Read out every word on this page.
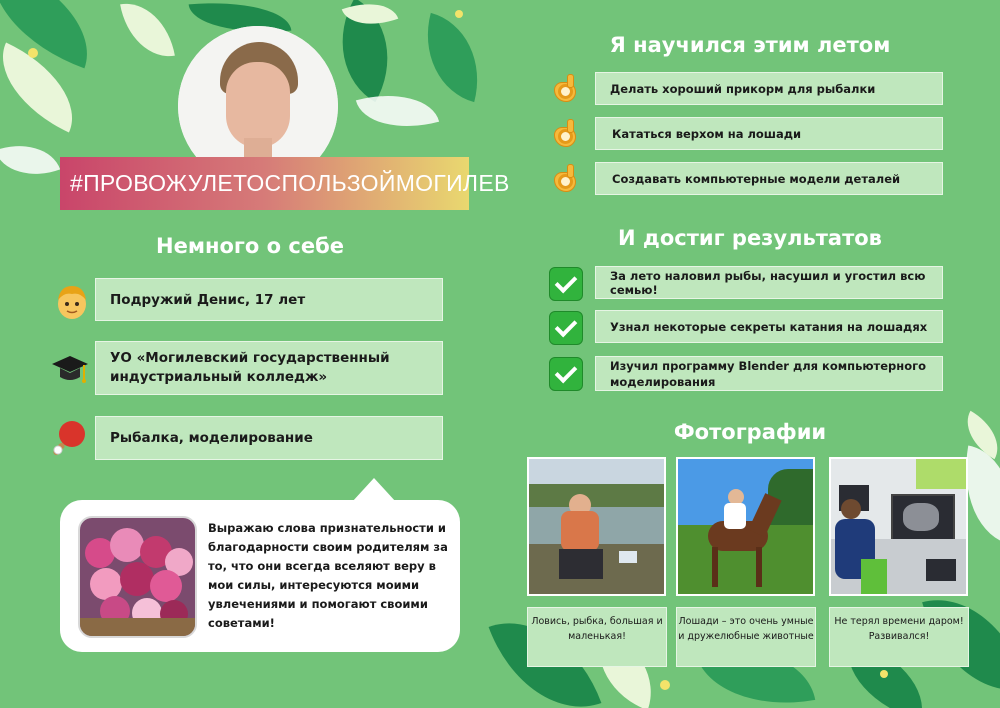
#ПРОВОЖУЛЕТОСПОЛЬЗОЙМОГИЛЕВ
Немного о себе
Подружий Денис, 17 лет
УО «Могилевский государственный индустриальный колледж»
Рыбалка, моделирование
Выражаю слова признательности и благодарности своим родителям за то, что они всегда вселяют веру в мои силы, интересуются моими увлечениями и помогают своими советами!
Я научился этим летом
Делать хороший прикорм для рыбалки
Кататься верхом на лошади
Создавать компьютерные модели деталей
И достиг результатов
За лето наловил рыбы, насушил и угостил всю семью!
Узнал некоторые секреты катания на лошадях
Изучил программу Blender для компьютерного моделирования
Фотографии
Ловись, рыбка, большая и маленькая!
Лошади – это очень умные и дружелюбные животные
Не терял времени даром! Развивался!
